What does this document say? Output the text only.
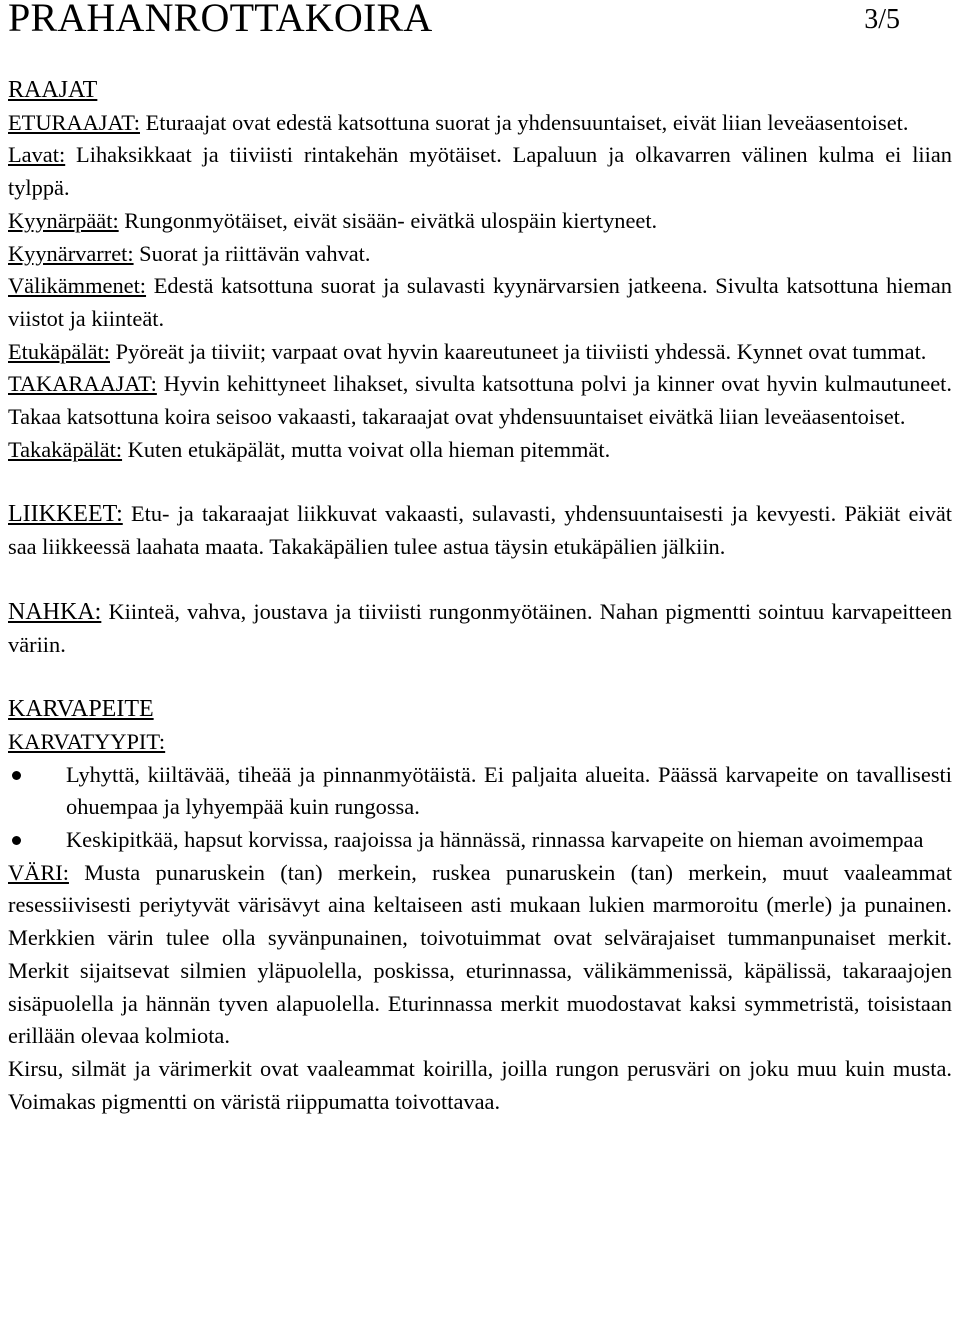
PRAHANROTTAKOIRA	3/5

RAAJAT

ETURAAJAT: Eturaajat ovat edestä katsottuna suorat ja yhdensuuntaiset, eivät liian leveäasentoiset.

Lavat: Lihaksikkaat ja tiiviisti rintakehän myötäiset. Lapaluun ja olkavarren välinen kulma ei liian tylppä.

Kyynärpäät: Rungonmyötäiset, eivät sisään- eivätkä ulospäin kiertyneet.

Kyynärvarret: Suorat ja riittävän vahvat.

Välikämmenet: Edestä katsottuna suorat ja sulavasti kyynärvarsien jatkeena. Sivulta katsottuna hieman viistot ja kiinteät.

Etukäpälät: Pyöreät ja tiiviit; varpaat ovat hyvin kaareutuneet ja tiiviisti yhdessä. Kynnet ovat tummat.

TAKARAAJAT: Hyvin kehittyneet lihakset, sivulta katsottuna polvi ja kinner ovat hyvin kulmautuneet. Takaa katsottuna koira seisoo vakaasti, takaraajat ovat yhdensuuntaiset eivätkä liian leveäasentoiset.

Takakäpälät: Kuten etukäpälät, mutta voivat olla hieman pitemmät.

LIIKKEET: Etu- ja takaraajat liikkuvat vakaasti, sulavasti, yhdensuuntaisesti ja kevyesti. Päkiät eivät saa liikkeessä laahata maata. Takakäpälien tulee astua täysin etukäpälien jälkiin.

NAHKA: Kiinteä, vahva, joustava ja tiiviisti rungonmyötäinen. Nahan pigmentti sointuu karvapeitteen väriin.

KARVAPEITE

KARVATYYPIT:

Lyhyttä, kiiltävää, tiheää ja pinnanmyötäistä. Ei paljaita alueita. Päässä karvapeite on tavallisesti ohuempaa ja lyhyempää kuin rungossa.
Keskipitkää, hapsut korvissa, raajoissa ja hännässä, rinnassa karvapeite on hieman avoimempaa

VÄRI: Musta punaruskein (tan) merkein, ruskea punaruskein (tan) merkein, muut vaaleammat resessiivisesti periytyvät värisävyt aina keltaiseen asti mukaan lukien marmoroitu (merle) ja punainen. Merkkien värin tulee olla syvänpunainen, toivotuimmat ovat selvärajaiset tummanpunaiset merkit. Merkit sijaitsevat silmien yläpuolella, poskissa, eturinnassa, välikämmenissä, käpälissä, takaraajojen sisäpuolella ja hännän tyven alapuolella. Eturinnassa merkit muodostavat kaksi symmetristä, toisistaan erillään olevaa kolmiota.

Kirsu, silmät ja värimerkit ovat vaaleammat koirilla, joilla rungon perusväri on joku muu kuin musta. Voimakas pigmentti on väristä riippumatta toivottavaa.
